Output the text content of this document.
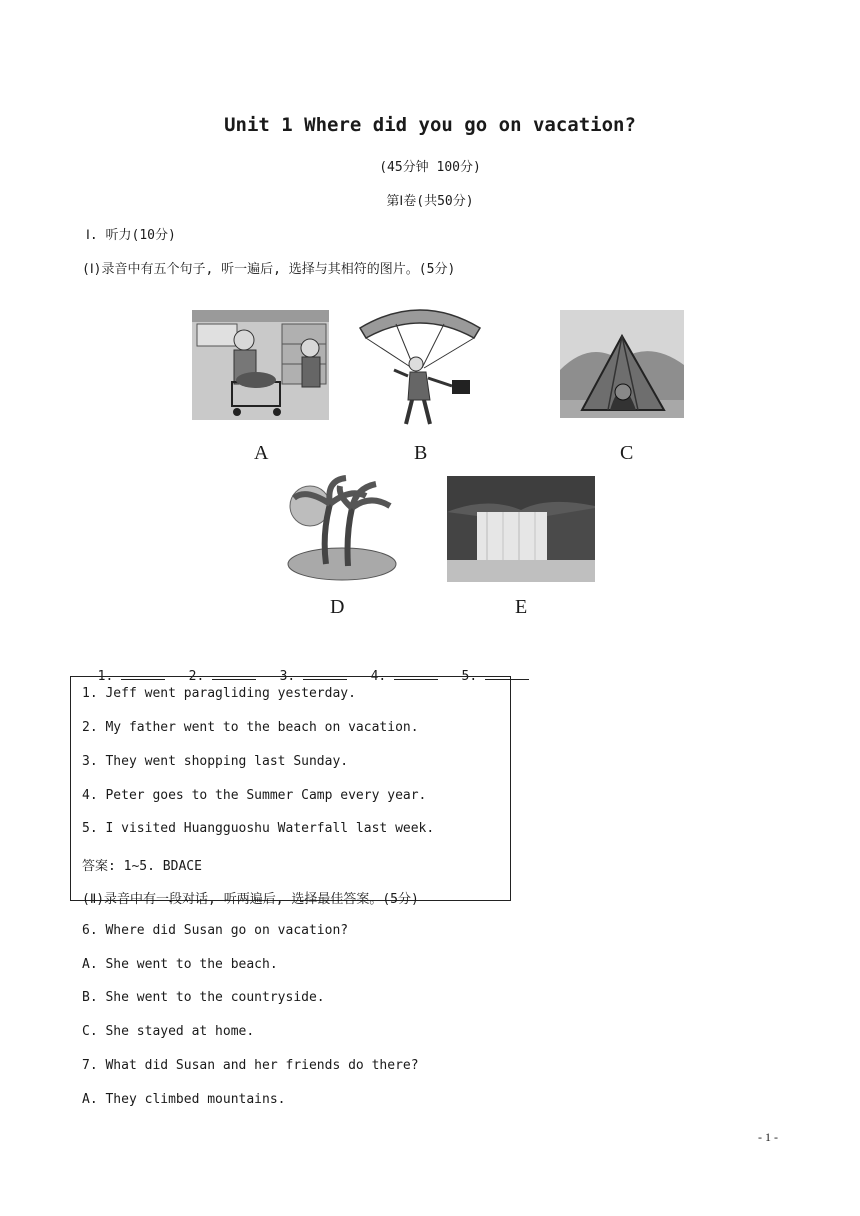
Unit 1 Where did you go on vacation?
(45分钟 100分)
第Ⅰ卷(共50分)
Ⅰ. 听力(10分)
(Ⅰ)录音中有五个句子, 听一遍后, 选择与其相符的图片。(5分)
A	B	C
D	E

1.	2.	3.	4.	5.

1. Jeff went paragliding yesterday.
2. My father went to the beach on vacation.
3. They went shopping last Sunday.
4. Peter goes to the Summer Camp every year.
5. I visited Huangguoshu Waterfall last week.
答案: 1~5. BDACE
(Ⅱ)录音中有一段对话, 听两遍后, 选择最佳答案。(5分)
6. Where did Susan go on vacation?
A. She went to the beach.
B. She went to the countryside.
C. She stayed at home.
7. What did Susan and her friends do there?
A. They climbed mountains.
- 1 -
